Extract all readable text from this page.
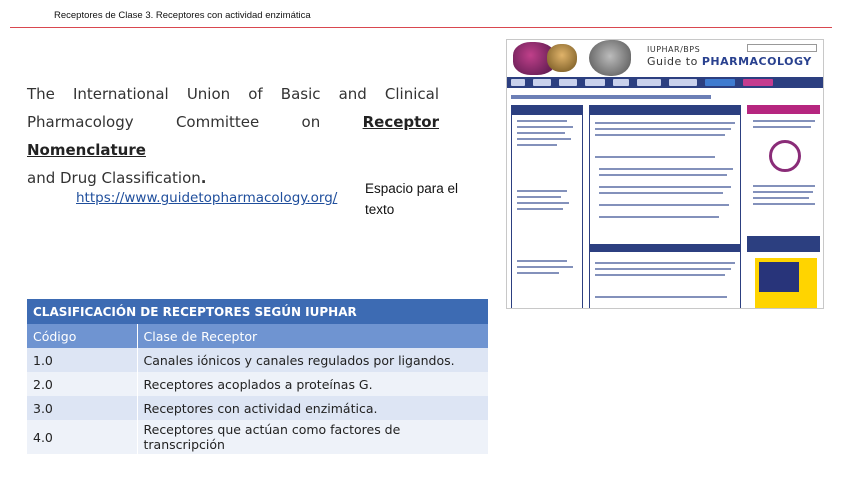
Receptores de Clase 3. Receptores con actividad enzimática
The International Union of Basic and Clinical
Pharmacology Committee on Receptor Nomenclature
and Drug Classification.
https://www.guidetopharmacology.org/
Espacio para el texto
CLASIFICACIÓN DE RECEPTORES SEGÚN IUPHAR	
Código	Clase de Receptor
1.0	Canales iónicos y canales regulados por ligandos.
2.0	Receptores acoplados a proteínas G.
3.0	Receptores con actividad enzimática.
4.0	Receptores que actúan como factores de transcripción
IUPHAR/BPS
Guide to PHARMACOLOGY
